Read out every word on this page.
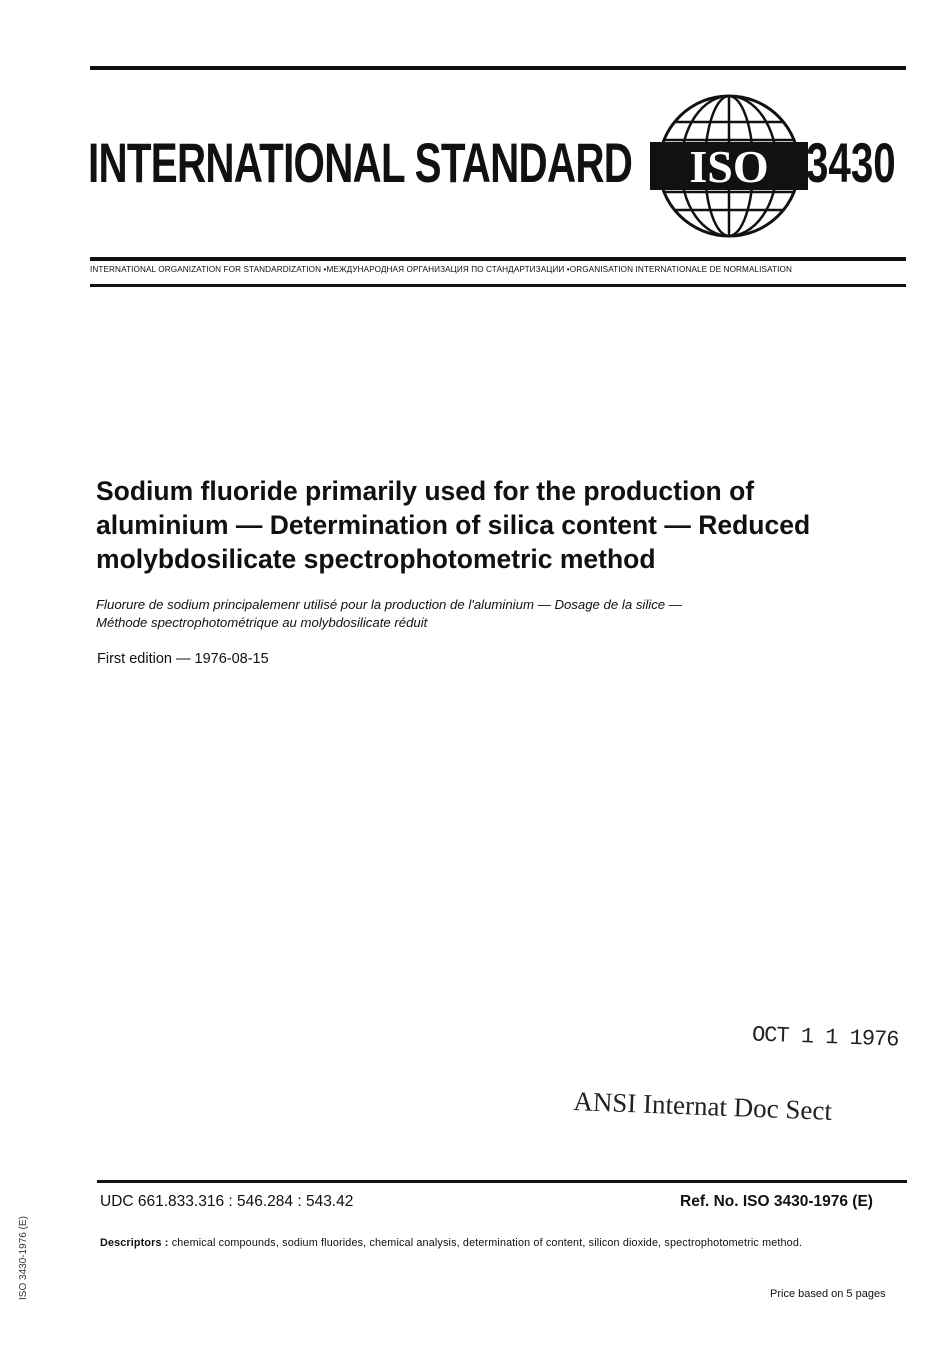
INTERNATIONAL STANDARD ISO 3430
INTERNATIONAL ORGANIZATION FOR STANDARDIZATION •МЕЖДУНАРОДНАЯ ОРГАНИЗАЦИЯ ПО СТАНДАРТИЗАЦИИ •ORGANISATION INTERNATIONALE DE NORMALISATION
Sodium fluoride primarily used for the production of
aluminium — Determination of silica content — Reduced
molybdosilicate spectrophotometric method
Fluorure de sodium principalemenr utilisé pour la production de l'aluminium — Dosage de la silice —
Méthode spectrophotométrique au molybdosilicate réduit
First edition — 1976-08-15
OCT 1 1 1976
ANSI Internat Doc Sect
UDC 661.833.316 : 546.284 : 543.42	Ref. No. ISO 3430-1976 (E)
Descriptors : chemical compounds, sodium fluorides, chemical analysis, determination of content, silicon dioxide, spectrophotometric method.
Price based on 5 pages
ISO 3430-1976 (E)
